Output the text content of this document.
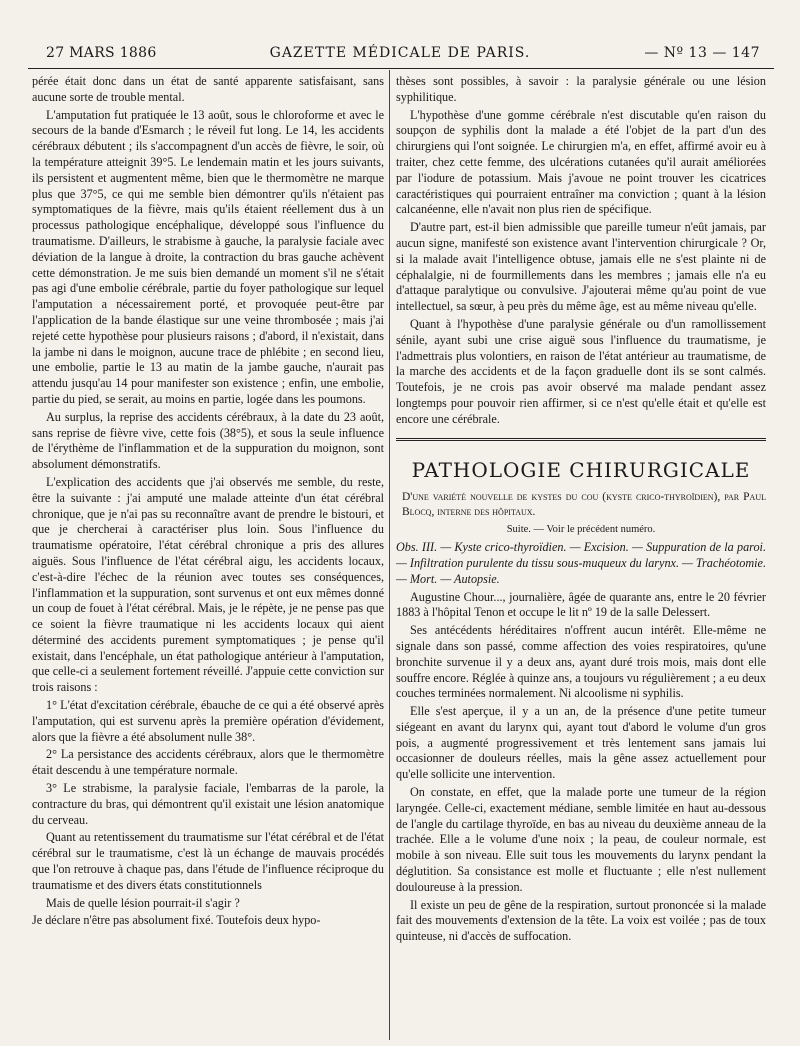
27 MARS 1886	GAZETTE MÉDICALE DE PARIS.	— Nº 13 — 147

pérée était donc dans un état de santé apparente satisfaisant, sans aucune sorte de trouble mental.

L'amputation fut pratiquée le 13 août, sous le chloroforme et avec le secours de la bande d'Esmarch ; le réveil fut long. Le 14, les accidents cérébraux débutent ; ils s'accompagnent d'un accès de fièvre, le soir, où la température atteignit 39°5. Le lendemain matin et les jours suivants, ils persistent et augmentent même, bien que le thermomètre ne marque plus que 37°5, ce qui me semble bien démontrer qu'ils n'étaient pas symptomatiques de la fièvre, mais qu'ils étaient réellement dus à un processus pathologique encéphalique, développé sous l'influence du traumatisme. D'ailleurs, le strabisme à gauche, la paralysie faciale avec déviation de la langue à droite, la contraction du bras gauche achèvent cette démonstration. Je me suis bien demandé un moment s'il ne s'était pas agi d'une embolie cérébrale, partie du foyer pathologique sur lequel l'amputation a nécessairement porté, et provoquée peut-être par l'application de la bande élastique sur une veine thrombosée ; mais j'ai rejeté cette hypothèse pour plusieurs raisons ; d'abord, il n'existait, dans la jambe ni dans le moignon, aucune trace de phlébite ; en second lieu, une embolie, partie le 13 au matin de la jambe gauche, n'aurait pas attendu jusqu'au 14 pour manifester son existence ; enfin, une embolie, partie du pied, se serait, au moins en partie, logée dans les poumons.

Au surplus, la reprise des accidents cérébraux, à la date du 23 août, sans reprise de fièvre vive, cette fois (38°5), et sous la seule influence de l'érythème de l'inflammation et de la suppuration du moignon, sont absolument démonstratifs.

L'explication des accidents que j'ai observés me semble, du reste, être la suivante : j'ai amputé une malade atteinte d'un état cérébral chronique, que je n'ai pas su reconnaître avant de prendre le bistouri, et que je chercherai à caractériser plus loin. Sous l'influence du traumatisme opératoire, l'état cérébral chronique a pris des allures aiguës. Sous l'influence de l'état cérébral aigu, les accidents locaux, c'est-à-dire l'échec de la réunion avec toutes ses conséquences, l'inflammation et la suppuration, sont survenus et ont eux mêmes donné un coup de fouet à l'état cérébral. Mais, je le répète, je ne pense pas que ce soient la fièvre traumatique ni les accidents locaux qui aient déterminé des accidents purement symptomatiques ; je pense qu'il existait, dans l'encéphale, un état pathologique antérieur à l'amputation, que celle-ci a seulement fortement réveillé. J'appuie cette conviction sur trois raisons :

1° L'état d'excitation cérébrale, ébauche de ce qui a été observé après l'amputation, qui est survenu après la première opération d'évidement, alors que la fièvre a été absolument nulle 38°.

2° La persistance des accidents cérébraux, alors que le thermomètre était descendu à une température normale.

3° Le strabisme, la paralysie faciale, l'embarras de la parole, la contracture du bras, qui démontrent qu'il existait une lésion anatomique du cerveau.

Quant au retentissement du traumatisme sur l'état cérébral et de l'état cérébral sur le traumatisme, c'est là un échange de mauvais procédés que l'on retrouve à chaque pas, dans l'étude de l'influence réciproque du traumatisme et des divers états constitutionnels

Mais de quelle lésion pourrait-il s'agir ?

Je déclare n'être pas absolument fixé. Toutefois deux hypo-

thèses sont possibles, à savoir : la paralysie générale ou une lésion syphilitique.

L'hypothèse d'une gomme cérébrale n'est discutable qu'en raison du soupçon de syphilis dont la malade a été l'objet de la part d'un des chirurgiens qui l'ont soignée. Le chirurgien m'a, en effet, affirmé avoir eu à traiter, chez cette femme, des ulcérations cutanées qu'il aurait améliorées par l'iodure de potassium. Mais j'avoue ne point trouver les cicatrices caractéristiques qui pourraient entraîner ma conviction ; quant à la lésion calcanéenne, elle n'avait non plus rien de spécifique.

D'autre part, est-il bien admissible que pareille tumeur n'eût jamais, par aucun signe, manifesté son existence avant l'intervention chirurgicale ? Or, si la malade avait l'intelligence obtuse, jamais elle ne s'est plainte ni de céphalalgie, ni de fourmillements dans les membres ; jamais elle n'a eu d'attaque paralytique ou convulsive. J'ajouterai même qu'au point de vue intellectuel, sa sœur, à peu près du même âge, est au même niveau qu'elle.

Quant à l'hypothèse d'une paralysie générale ou d'un ramollissement sénile, ayant subi une crise aiguë sous l'influence du traumatisme, je l'admettrais plus volontiers, en raison de l'état antérieur au traumatisme, de la marche des accidents et de la façon graduelle dont ils se sont calmés. Toutefois, je ne crois pas avoir observé ma malade pendant assez longtemps pour pouvoir rien affirmer, si ce n'est qu'elle était et qu'elle est encore une cérébrale.

PATHOLOGIE CHIRURGICALE

D'une variété nouvelle de kystes du cou (kyste crico-thyroïdien), par Paul Blocq, interne des hôpitaux.

Suite. — Voir le précédent numéro.

Obs. III. — Kyste crico-thyroïdien. — Excision. — Suppuration de la paroi. — Infiltration purulente du tissu sous-muqueux du larynx. — Trachéotomie. — Mort. — Autopsie.

Augustine Chour..., journalière, âgée de quarante ans, entre le 20 février 1883 à l'hôpital Tenon et occupe le lit nº 19 de la salle Delessert.

Ses antécédents héréditaires n'offrent aucun intérêt. Elle-même ne signale dans son passé, comme affection des voies respiratoires, qu'une bronchite survenue il y a deux ans, ayant duré trois mois, mais dont elle souffre encore. Réglée à quinze ans, a toujours vu régulièrement ; a eu deux couches terminées normalement. Ni alcoolisme ni syphilis.

Elle s'est aperçue, il y a un an, de la présence d'une petite tumeur siégeant en avant du larynx qui, ayant tout d'abord le volume d'un gros pois, a augmenté progressivement et très lentement sans jamais lui occasionner de douleurs réelles, mais la gêne assez actuellement pour qu'elle sollicite une intervention.

On constate, en effet, que la malade porte une tumeur de la région laryngée. Celle-ci, exactement médiane, semble limitée en haut au-dessous de l'angle du cartilage thyroïde, en bas au niveau du deuxième anneau de la trachée. Elle a le volume d'une noix ; la peau, de couleur normale, est mobile à son niveau. Elle suit tous les mouvements du larynx pendant la déglutition. Sa consistance est molle et fluctuante ; elle n'est nullement douloureuse à la pression.

Il existe un peu de gêne de la respiration, surtout prononcée si la malade fait des mouvements d'extension de la tête. La voix est voilée ; pas de toux quinteuse, ni d'accès de suffocation.
